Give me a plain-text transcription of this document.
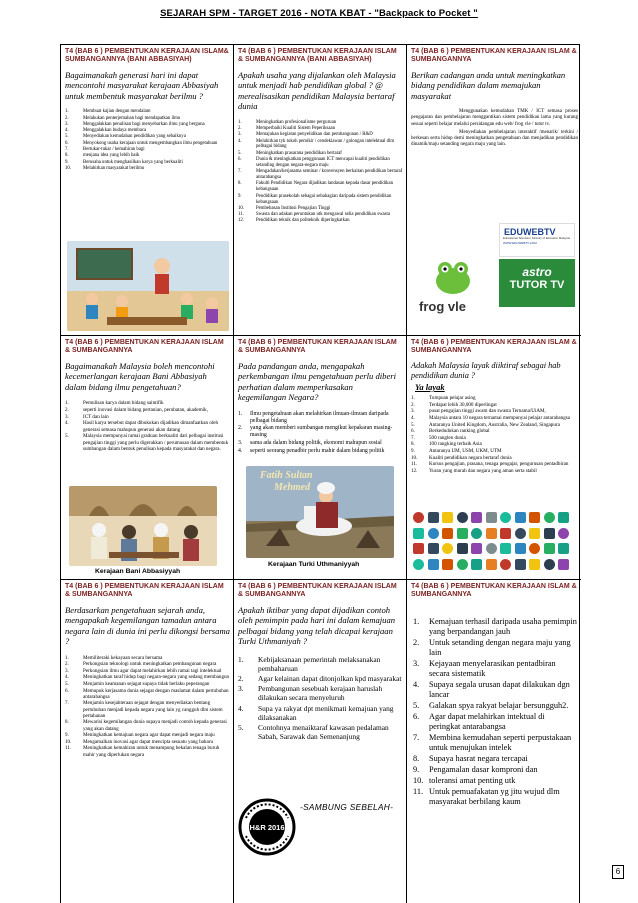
SEJARAH SPM - TARGET 2016 - NOTA KBAT - "Backpack to Pocket "
T4 (BAB 6 ) PEMBENTUKAN KERAJAAN ISLAM& SUMBANGANNYA (BANI ABBASIYAH)
Bagaimanakah generasi hari ini dapat mencontohi masyarakat kerajaan Abbasiyah untuk membentuk masyarakat berilmu ?
1.	Membuat kajian dengan mendalam
2.	Melakukan penterjemahan bagi mendapatkan ilmu
3.	Menggalakkan penulisan bagi menyebarkan ilmu yang berguna
4.	Menggalakkan budaya membaca
5.	Menyediakan kemudahan pendidikan yang sebaiknya
6.	Menyokong usaha kerajaan untuk mengembangkan ilmu pengetahuan
7.	Bertukar-tukar / kemahiran bagi
8.	menjana idea yang lebih baik
9.	Berusaha untuk menghasilkan karya yang berkualiti
10.	Melahirkan masyarakat berilmu
T4 (BAB 6 ) PEMBENTUKAN KERAJAAN ISLAM & SUMBANGANNYA (BANI ABBASIYAH)
Apakah usaha yang dijalankan oleh Malaysia untuk menjadi hab pendidikan global ? @ merealisasikan pendidikan Malaysia bertaraf dunia
1.	Meningkatkan profesionalisme perguruan
2.	Memperbaiki Kualiti Sistem Peperiksaan
3.	Memajukan kegiatan penyelidikan dan pembangunan / R&D
4.	Melahirkan tyk tokoh pemikir / cendekiawan / golongan intelektual dlm pelbagai bidang
5.	Meningkatkan prasarana pendidikan bertaraf
6.	Dunia & meningkatkan penggunaan ICT mencapai kualiti pendidikan setanding dengan negara-negara maju
7.	Mengadakan/kerjasama seminar / konvensyen berkaitan pendidikan bertaraf antarabangsa
8.	Fakulti Pendidikan Negara dijadikan landasan kepada dasar pendidikan kebangsaan
9.	Pendidikan prasekolah sebagai sebahagian daripada sistem pendidikan kebangsaan
10.	Pembebasan Institusi Pengajian Tinggi
11.	Swasta dan adakan peruntukan utk mengawal selia pendidikan swasta
12.	Pendidikan teknik dan politeknik diperingkatkan
T4 (BAB 6 ) PEMBENTUKAN KERAJAAN ISLAM & SUMBANGANNYA
Berikan cadangan anda untuk meningkatkan bidang pendidikan dalam memajukan masyarakat
Menggunakan kemudahan TMK / ICT semasa proses pengajaran dan pembelajaran menggantikan sistem pendidikan lama yang kurang sesuai seperti belajar melalui persidangan edu web/ frog vle / tutor tv.
Menyediakan pembelajaran interaktif /menarik/ terkini / berkesan serta hidup demi meningkatkan pengetahuan dan menjadikan pendidikan dinamik/maju setanding negara maju yang lain.
EDUWEBTV
Educational Television, Ministry of Education Malaysia
WWW.EDUWEBTV.COM
frog vle
astro
TUTOR TV
T4 (BAB 6 ) PEMBENTUKAN KERAJAAN ISLAM & SUMBANGANNYA
Bagaimanakah Malaysia boleh mencontohi kecemerlangan kerajaan Bani Abbasiyah dalam bidang ilmu pengetahuan?
1.	Pemulisan karya dalam bidang saintifik
2.	seperti inovasi dalam bidang pertanian, perubatan, akademik,
3.	ICT dan lain
4.	Hasil karya tersebut dapat dibukukan dijadikan dimanfaatkan oleh generasi semasa mahupun generasi akan datang
5.	Malaysia mempunyai ramai graduan berkualiti dari pelbagai institusi pengajian tinggi yang perlu digerakkan / perumusan dalam membentuk sumbangan dalam bentuk penulisan kepada masyarakat dan negara.
Kerajaan Bani Abbasiyyah
T4 (BAB 6 ) PEMBENTUKAN KERAJAAN ISLAM & SUMBANGANNYA
Pada pandangan anda, mengapakah perkembangan ilmu pengetahuan perlu diberi perhatian dalam memperkasakan kegemilangan Negara?
1.	Ilmu pengetahuan akan melahirkan ilmuan-ilmuan daripada pelbagai bidang
2.	yang akan memberi sumbangan mengikut kepakaran masing-masing
3.	sama ada dalam bidang politik, ekonomi mahupun sosial
4.	seperti seorang penadbir perlu mahir dalam bidang politik
Fatih Sultan
Mehmed
Kerajaan Turki Uthmaniyyah
T4 (BAB 6 ) PEMBENTUKAN KERAJAAN ISLAM & SUMBANGANNYA
Adakah Malaysia layak diiktiraf sebagai hab pendidikan dunia ?
Ya layak
1.	Tumpuan pelajar asing
2.	Terdapat lebih 30,000 diperlingat
3.	pusat pengajian tinggi awam dan swasta Ternama/UiAM,
4.	Malaysia antara 10 negara ternamai mempunyai pelajar antarabangsa
5.	Antaranya United Kingdom, Australia, New Zealand, Singapura
6.	Berkedudukan ranking global
7.	500 ranglen dunia
8.	100 rangking terbaik Asia
9.	Antaranya UM, USM, UKM, UTM
10.	Kualiti pendidikan negara bertaraf dunia
11.	Kursus pengajian, prasana, tenaga pengajar, pengurusan pentadbiran
12.	Yuran yang murah dan negara yang aman serta stabil
T4 (BAB 6 ) PEMBENTUKAN KERAJAAN ISLAM & SUMBANGANNYA
Berdasarkan pengetahuan sejarah anda, mengapakah kegemilangan tamadun antara negara lain di dunia ini perlu dikongsi bersama ?
1.	Memiliteraki kekayaan secara bersama
2.	Perkongsian teknologi untuk meningkatkan pembangunan negara
3.	Perkongsian ilmu agar dapat melahirkan lebih ramai tagi intelektual
4.	Meningkatkan taraf hidup bagi negara-negara yang sedang membangun
5.	Menjamin keamanan sejagat supaya tidak berlaku peperangan
6.	Memupuk kerjasama dunia sejagat dengan maslamat dalam pertubuhan antarabangsa
7.	Menjamin kesejahteraan sejagat dengan menyediakan bentang pertubuhan menjadi kepada negara yang lain yg cangguh dlm sistem pertahanan
8.	Mewarisi kegemilangan dunia supaya menjadi contoh kepada generasi yang akan datang
9.	Meningkatkan kemajuan negara agar dapat menjadi negara maju
10.	Mengamalkan inovasi agar dapat mencipta sesuatu yang baharu
11.	Meningkatkan kemahiran untuk menampung bekalan tenaga buruh mahir yang diperlukan negara
T4 (BAB 6 ) PEMBENTUKAN KERAJAAN ISLAM & SUMBANGANNYA
Apakah iktibar yang dapat dijadikan contoh oleh pemimpin pada hari ini dalam kemajuan pelbagai bidang yang telah dicapai kerajaan Turki Uthmaniyah ?
1.	Kebijaksanaan pemerintah melaksanakan pembaharuan
2.	Agar kelainan dapat ditonjolkan kpd masyarakat
3.	Pembangunan sesebuah kerajaan haruslah dilakukan secara menyeluruh
4.	Supa ya rakyat dpt menikmati kemajuan yang dilaksanakan
5.	Contohnya menaiktaraf kawasan pedalaman Sabah, Sarawak dan Semenanjung
H&R 2016
-SAMBUNG SEBELAH-
T4 (BAB 6 ) PEMBENTUKAN KERAJAAN ISLAM & SUMBANGANNYA
1.	Kemajuan terhasil daripada usaha pemimpin yang berpandangan jauh
2.	Untuk setanding dengan negara maju yang lain
3.	Kejayaan menyelarasikan pentadbiran secara sistematik
4.	Supaya segala urusan dapat dilakukan dgn lancar
5.	Galakan spya rakyat belajar bersungguh2.
6.	Agar dapat melahirkan intektual di peringkat antarabangsa
7.	Membina kemudahan seperti perpustakaan untuk menujukan intelek
8.	Supaya hasrat negara tercapai
9.	Pengamalan dasar komproni dan
10. toleransi amat penting utk
11. Untuk pemuafakatan yg jitu wujud dlm masyarakat berbilang kaum
6
